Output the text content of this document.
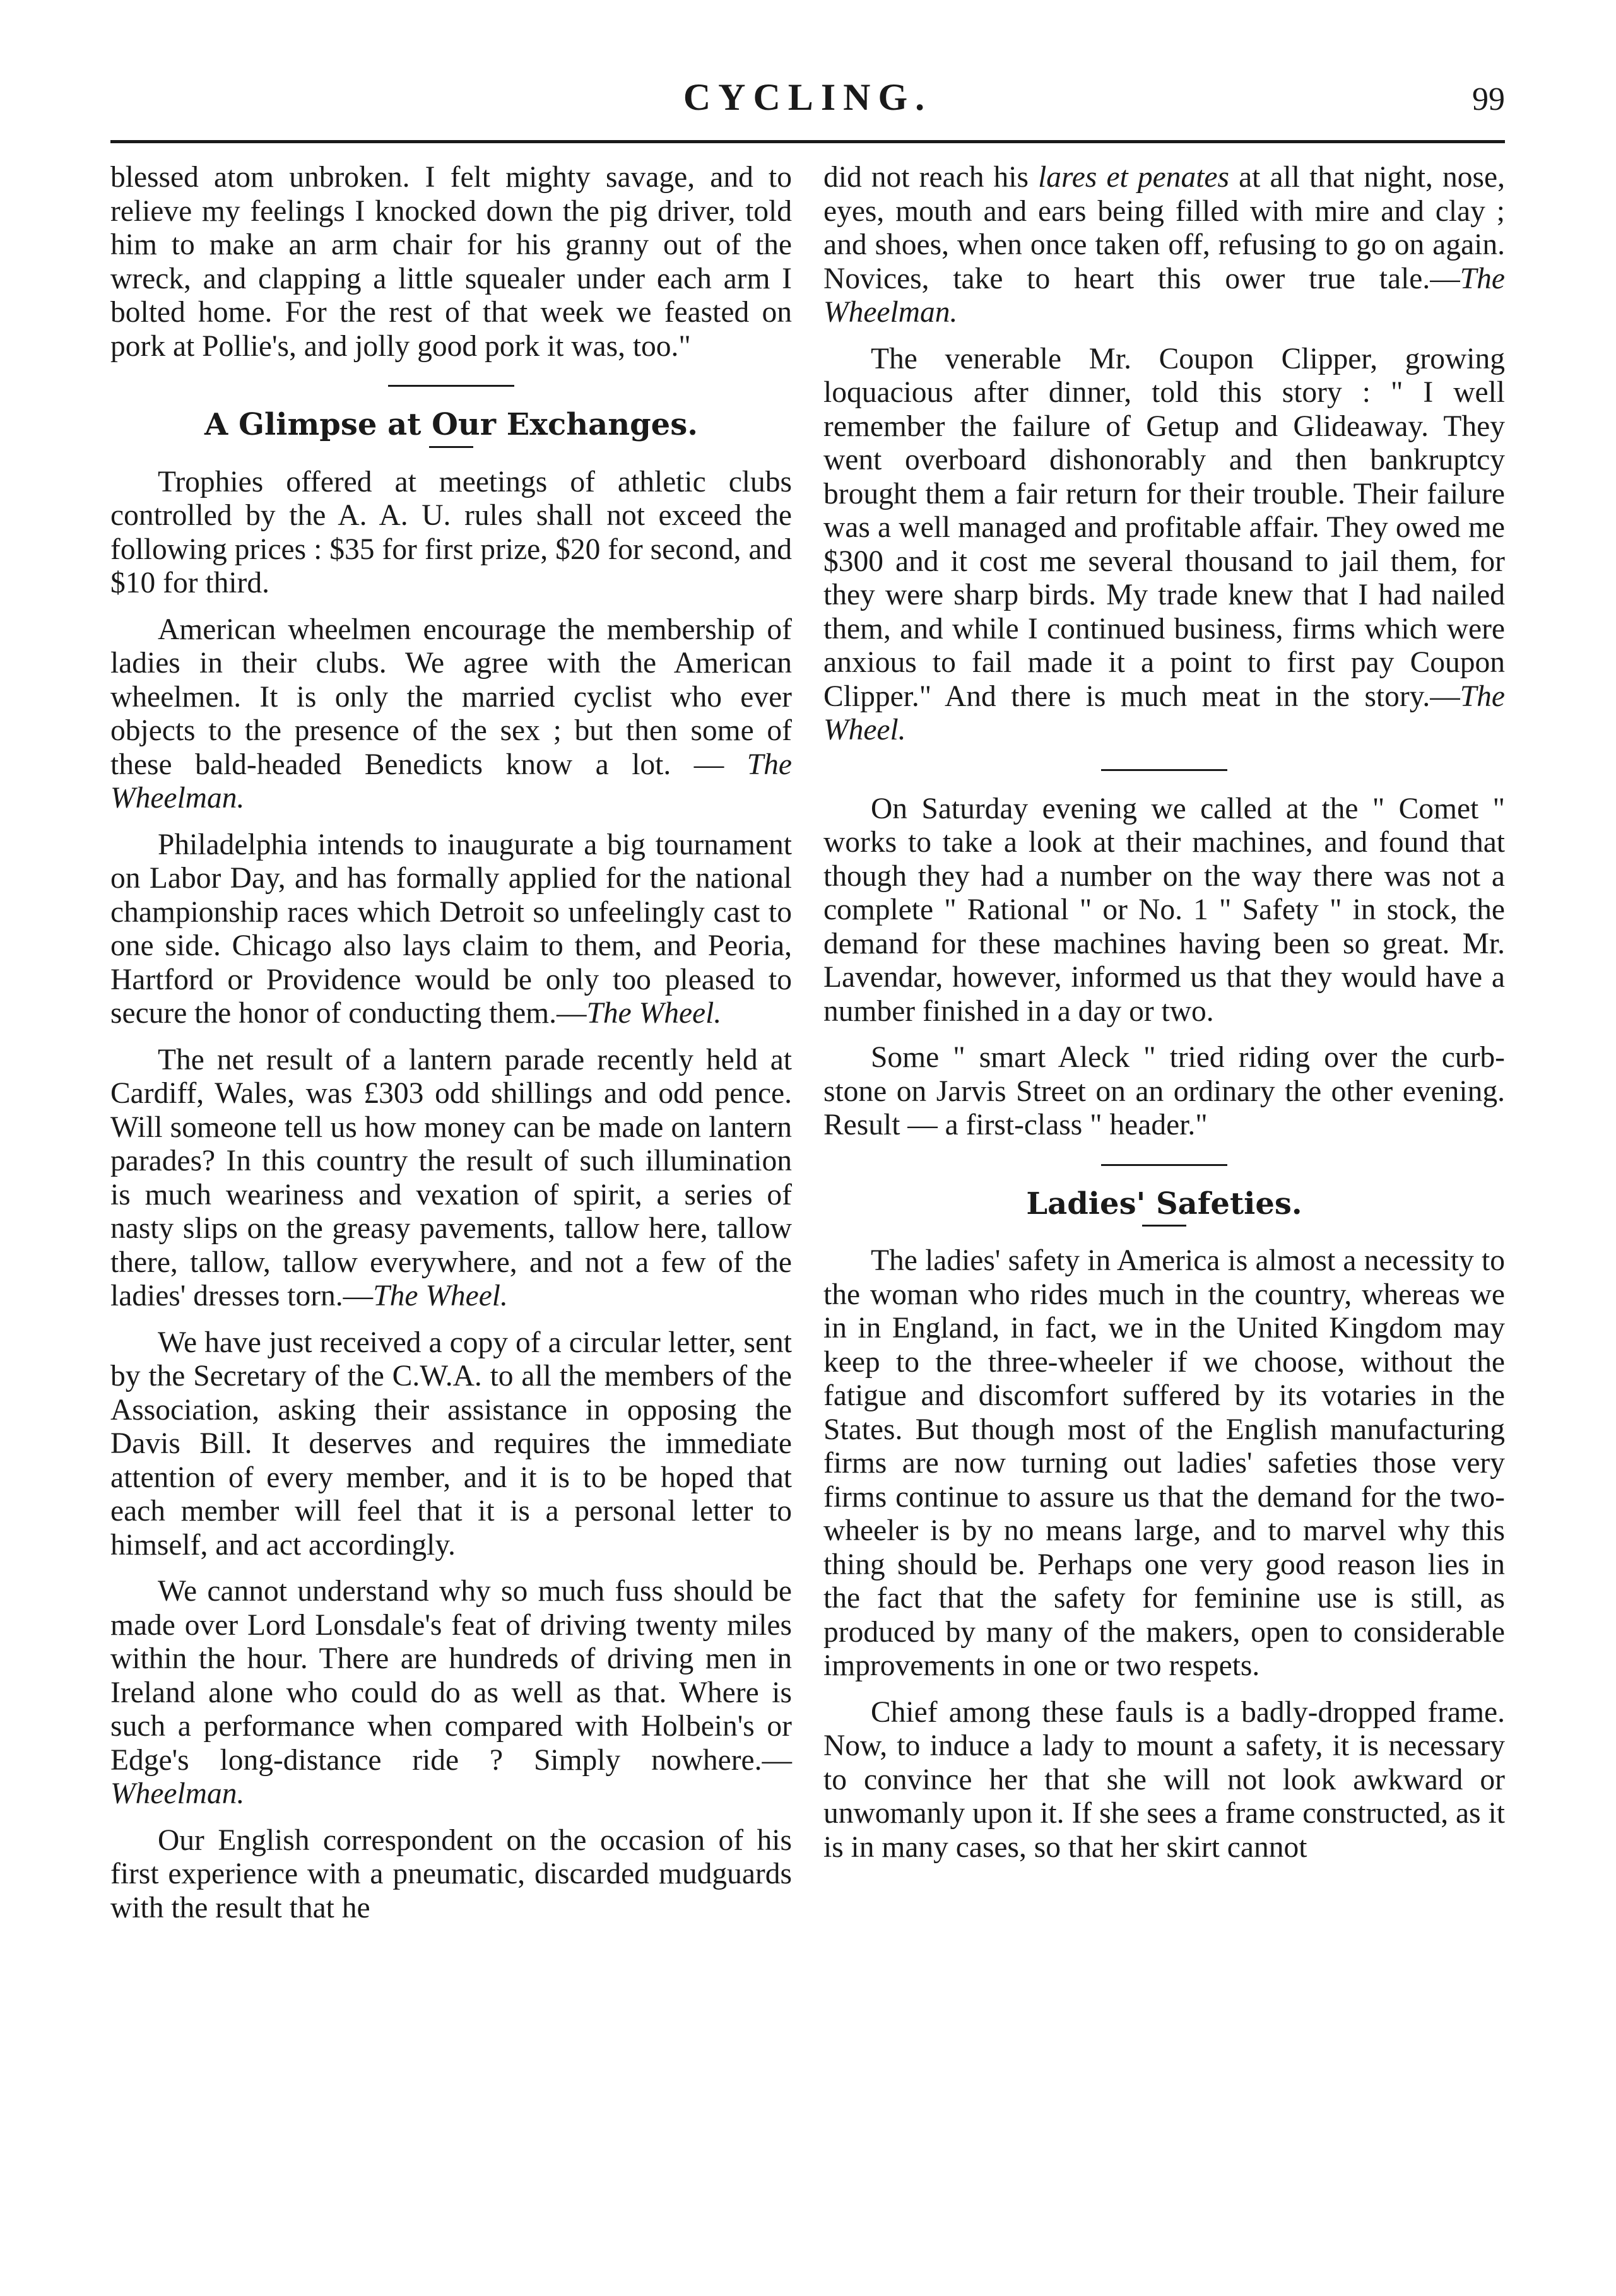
CYCLING.	99

blessed atom unbroken. I felt mighty savage, and to relieve my feelings I knocked down the pig driver, told him to make an arm chair for his granny out of the wreck, and clapping a little squealer under each arm I bolted home. For the rest of that week we feasted on pork at Pollie's, and jolly good pork it was, too."

A Glimpse at Our Exchanges.

Trophies offered at meetings of athletic clubs controlled by the A. A. U. rules shall not exceed the following prices : $35 for first prize, $20 for second, and $10 for third.

American wheelmen encourage the membership of ladies in their clubs. We agree with the American wheelmen. It is only the married cyclist who ever objects to the presence of the sex ; but then some of these bald-headed Benedicts know a lot. — The Wheelman.

Philadelphia intends to inaugurate a big tournament on Labor Day, and has formally applied for the national championship races which Detroit so unfeelingly cast to one side. Chicago also lays claim to them, and Peoria, Hartford or Providence would be only too pleased to secure the honor of conducting them.—The Wheel.

The net result of a lantern parade recently held at Cardiff, Wales, was £303 odd shillings and odd pence. Will someone tell us how money can be made on lantern parades? In this country the result of such illumination is much weariness and vexation of spirit, a series of nasty slips on the greasy pavements, tallow here, tallow there, tallow, tallow everywhere, and not a few of the ladies' dresses torn.—The Wheel.

We have just received a copy of a circular letter, sent by the Secretary of the C.W.A. to all the members of the Association, asking their assistance in opposing the Davis Bill. It deserves and requires the immediate attention of every member, and it is to be hoped that each member will feel that it is a personal letter to himself, and act accordingly.

We cannot understand why so much fuss should be made over Lord Lonsdale's feat of driving twenty miles within the hour. There are hundreds of driving men in Ireland alone who could do as well as that. Where is such a performance when compared with Holbein's or Edge's long-distance ride ? Simply nowhere.—Wheelman.

Our English correspondent on the occasion of his first experience with a pneumatic, discarded mudguards with the result that he

did not reach his lares et penates at all that night, nose, eyes, mouth and ears being filled with mire and clay ; and shoes, when once taken off, refusing to go on again. Novices, take to heart this ower true tale.—The Wheelman.

The venerable Mr. Coupon Clipper, growing loquacious after dinner, told this story : " I well remember the failure of Getup and Glideaway. They went overboard dishonorably and then bankruptcy brought them a fair return for their trouble. Their failure was a well managed and profitable affair. They owed me $300 and it cost me several thousand to jail them, for they were sharp birds. My trade knew that I had nailed them, and while I continued business, firms which were anxious to fail made it a point to first pay Coupon Clipper." And there is much meat in the story.—The Wheel.

On Saturday evening we called at the " Comet " works to take a look at their machines, and found that though they had a number on the way there was not a complete " Rational " or No. 1 " Safety " in stock, the demand for these machines having been so great. Mr. Lavendar, however, informed us that they would have a number finished in a day or two.

Some " smart Aleck " tried riding over the curb-stone on Jarvis Street on an ordinary the other evening. Result — a first-class " header."

Ladies' Safeties.

The ladies' safety in America is almost a necessity to the woman who rides much in the country, whereas we in in England, in fact, we in the United Kingdom may keep to the three-wheeler if we choose, without the fatigue and discomfort suffered by its votaries in the States. But though most of the English manufacturing firms are now turning out ladies' safeties those very firms continue to assure us that the demand for the two-wheeler is by no means large, and to marvel why this thing should be. Perhaps one very good reason lies in the fact that the safety for feminine use is still, as produced by many of the makers, open to considerable improvements in one or two respets.

Chief among these fauls is a badly-dropped frame. Now, to induce a lady to mount a safety, it is necessary to convince her that she will not look awkward or unwomanly upon it. If she sees a frame constructed, as it is in many cases, so that her skirt cannot
